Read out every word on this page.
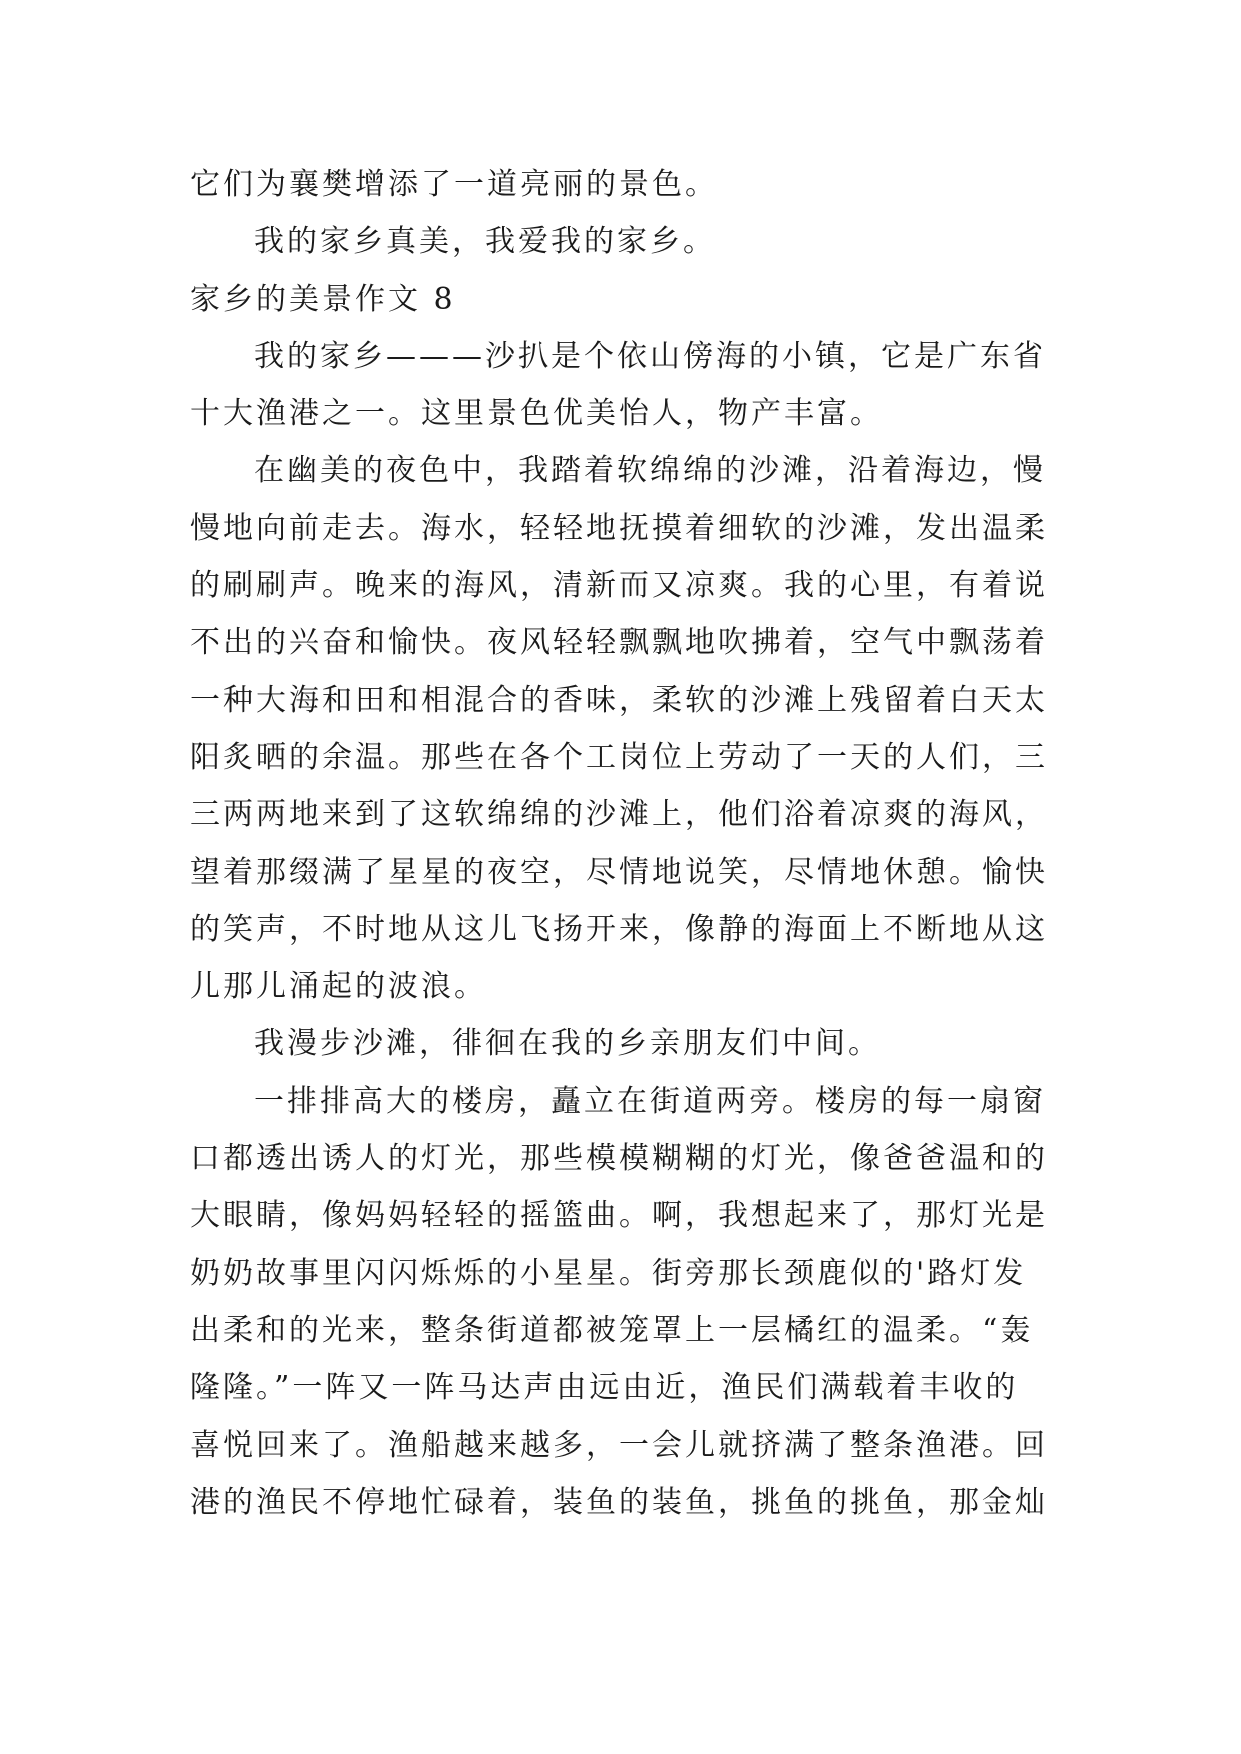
它们为襄樊增添了一道亮丽的景色。
我的家乡真美，我爱我的家乡。
家乡的美景作文 8
我的家乡———沙扒是个依山傍海的小镇，它是广东省
十大渔港之一。这里景色优美怡人，物产丰富。
在幽美的夜色中，我踏着软绵绵的沙滩，沿着海边，慢
慢地向前走去。海水，轻轻地抚摸着细软的沙滩，发出温柔
的刷刷声。晚来的海风，清新而又凉爽。我的心里，有着说
不出的兴奋和愉快。夜风轻轻飘飘地吹拂着，空气中飘荡着
一种大海和田和相混合的香味，柔软的沙滩上残留着白天太
阳炙晒的余温。那些在各个工岗位上劳动了一天的人们，三
三两两地来到了这软绵绵的沙滩上，他们浴着凉爽的海风，
望着那缀满了星星的夜空，尽情地说笑，尽情地休憩。愉快
的笑声，不时地从这儿飞扬开来，像静的海面上不断地从这
儿那儿涌起的波浪。
我漫步沙滩，徘徊在我的乡亲朋友们中间。
一排排高大的楼房，矗立在街道两旁。楼房的每一扇窗
口都透出诱人的灯光，那些模模糊糊的灯光，像爸爸温和的
大眼睛，像妈妈轻轻的摇篮曲。啊，我想起来了，那灯光是
奶奶故事里闪闪烁烁的小星星。街旁那长颈鹿似的'路灯发
出柔和的光来，整条街道都被笼罩上一层橘红的温柔。“轰
隆隆。”一阵又一阵马达声由远由近，渔民们满载着丰收的
喜悦回来了。渔船越来越多，一会儿就挤满了整条渔港。回
港的渔民不停地忙碌着，装鱼的装鱼，挑鱼的挑鱼，那金灿
